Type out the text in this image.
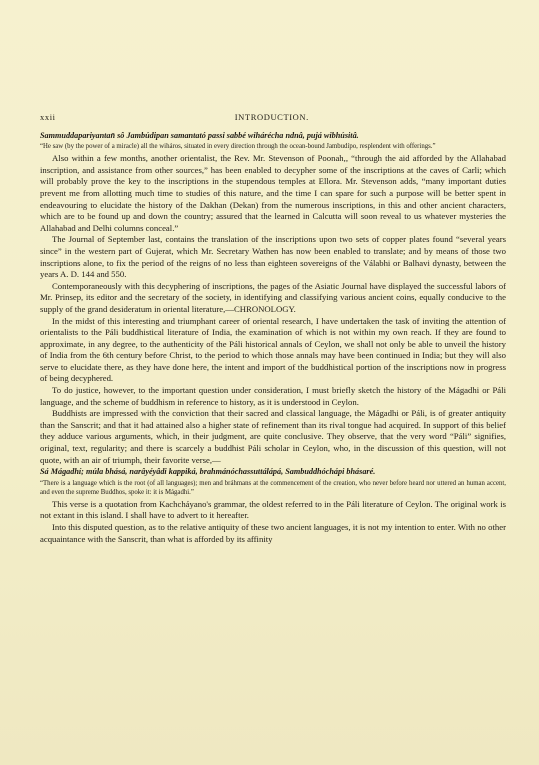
xxii	INTRODUCTION.

Sammuddapariyantan̄ sô Jambúdipan samantató passi sabbé wihárécha ndnâ, pujá wibhúsitâ.

“He saw (by the power of a miracle) all the wiháros, situated in every direction through the ocean-bound Jambudípo, resplendent with offerings.”

Also within a few months, another orientalist, the Rev. Mr. Stevenson of Poonah,, “through the aid afforded by the Allahabad inscription, and assistance from other sources,” has been enabled to decypher some of the inscriptions at the caves of Carli; which will probably prove the key to the inscriptions in the stupendous temples at Ellora. Mr. Stevenson adds, “many important duties prevent me from allotting much time to studies of this nature, and the time I can spare for such a purpose will be better spent in endeavouring to elucidate the history of the Dakhan (Dekan) from the numerous inscriptions, in this and other ancient characters, which are to be found up and down the country; assured that the learned in Calcutta will soon reveal to us whatever mysteries the Allahabad and Delhi columns conceal.”

The Journal of September last, contains the translation of the inscriptions upon two sets of copper plates found “several years since” in the western part of Gujerat, which Mr. Secretary Wathen has now been enabled to translate; and by means of those two inscriptions alone, to fix the period of the reigns of no less than eighteen sovereigns of the Válabhi or Balhavi dynasty, between the years A. D. 144 and 550.

Contemporaneously with this decyphering of inscriptions, the pages of the Asiatic Journal have displayed the successful labors of Mr. Prinsep, its editor and the secretary of the society, in identifying and classifying various ancient coins, equally conducive to the supply of the grand desideratum in oriental literature,—CHRONOLOGY.

In the midst of this interesting and triumphant career of oriental research, I have undertaken the task of inviting the attention of orientalists to the Páli buddhistical literature of India, the examination of which is not within my own reach. If they are found to approximate, in any degree, to the authenticity of the Páli historical annals of Ceylon, we shall not only be able to unveil the history of India from the 6th century before Christ, to the period to which those annals may have been continued in India; but they will also serve to elucidate there, as they have done here, the intent and import of the buddhistical portion of the inscriptions now in progress of being decyphered.

To do justice, however, to the important question under consideration, I must briefly sketch the history of the Mágadhi or Páli language, and the scheme of buddhism in reference to history, as it is understood in Ceylon.

Buddhists are impressed with the conviction that their sacred and classical language, the Mágadhi or Páli, is of greater antiquity than the Sanscrit; and that it had attained also a higher state of refinement than its rival tongue had acquired. In support of this belief they adduce various arguments, which, in their judgment, are quite conclusive. They observe, that the very word “Páli” signifies, original, text, regularity; and there is scarcely a buddhist Páli scholar in Ceylon, who, in the discussion of this question, will not quote, with an air of triumph, their favorite verse,—

Sá Mágadhí; múla bhásá, narâyéyâdi kappiká, brahmánóchassuttálápá, Sambuddhóchápi bhásaré.

“There is a language which is the root (of all languages); men and bráhmans at the commencement of the creation, who never before heard nor uttered an human accent, and even the supreme Buddhos, spoke it: it is Mágadhi.”

This verse is a quotation from Kachcháyano's grammar, the oldest referred to in the Páli literature of Ceylon. The original work is not extant in this island. I shall have to advert to it hereafter.

Into this disputed question, as to the relative antiquity of these two ancient languages, it is not my intention to enter. With no other acquaintance with the Sanscrit, than what is afforded by its affinity
